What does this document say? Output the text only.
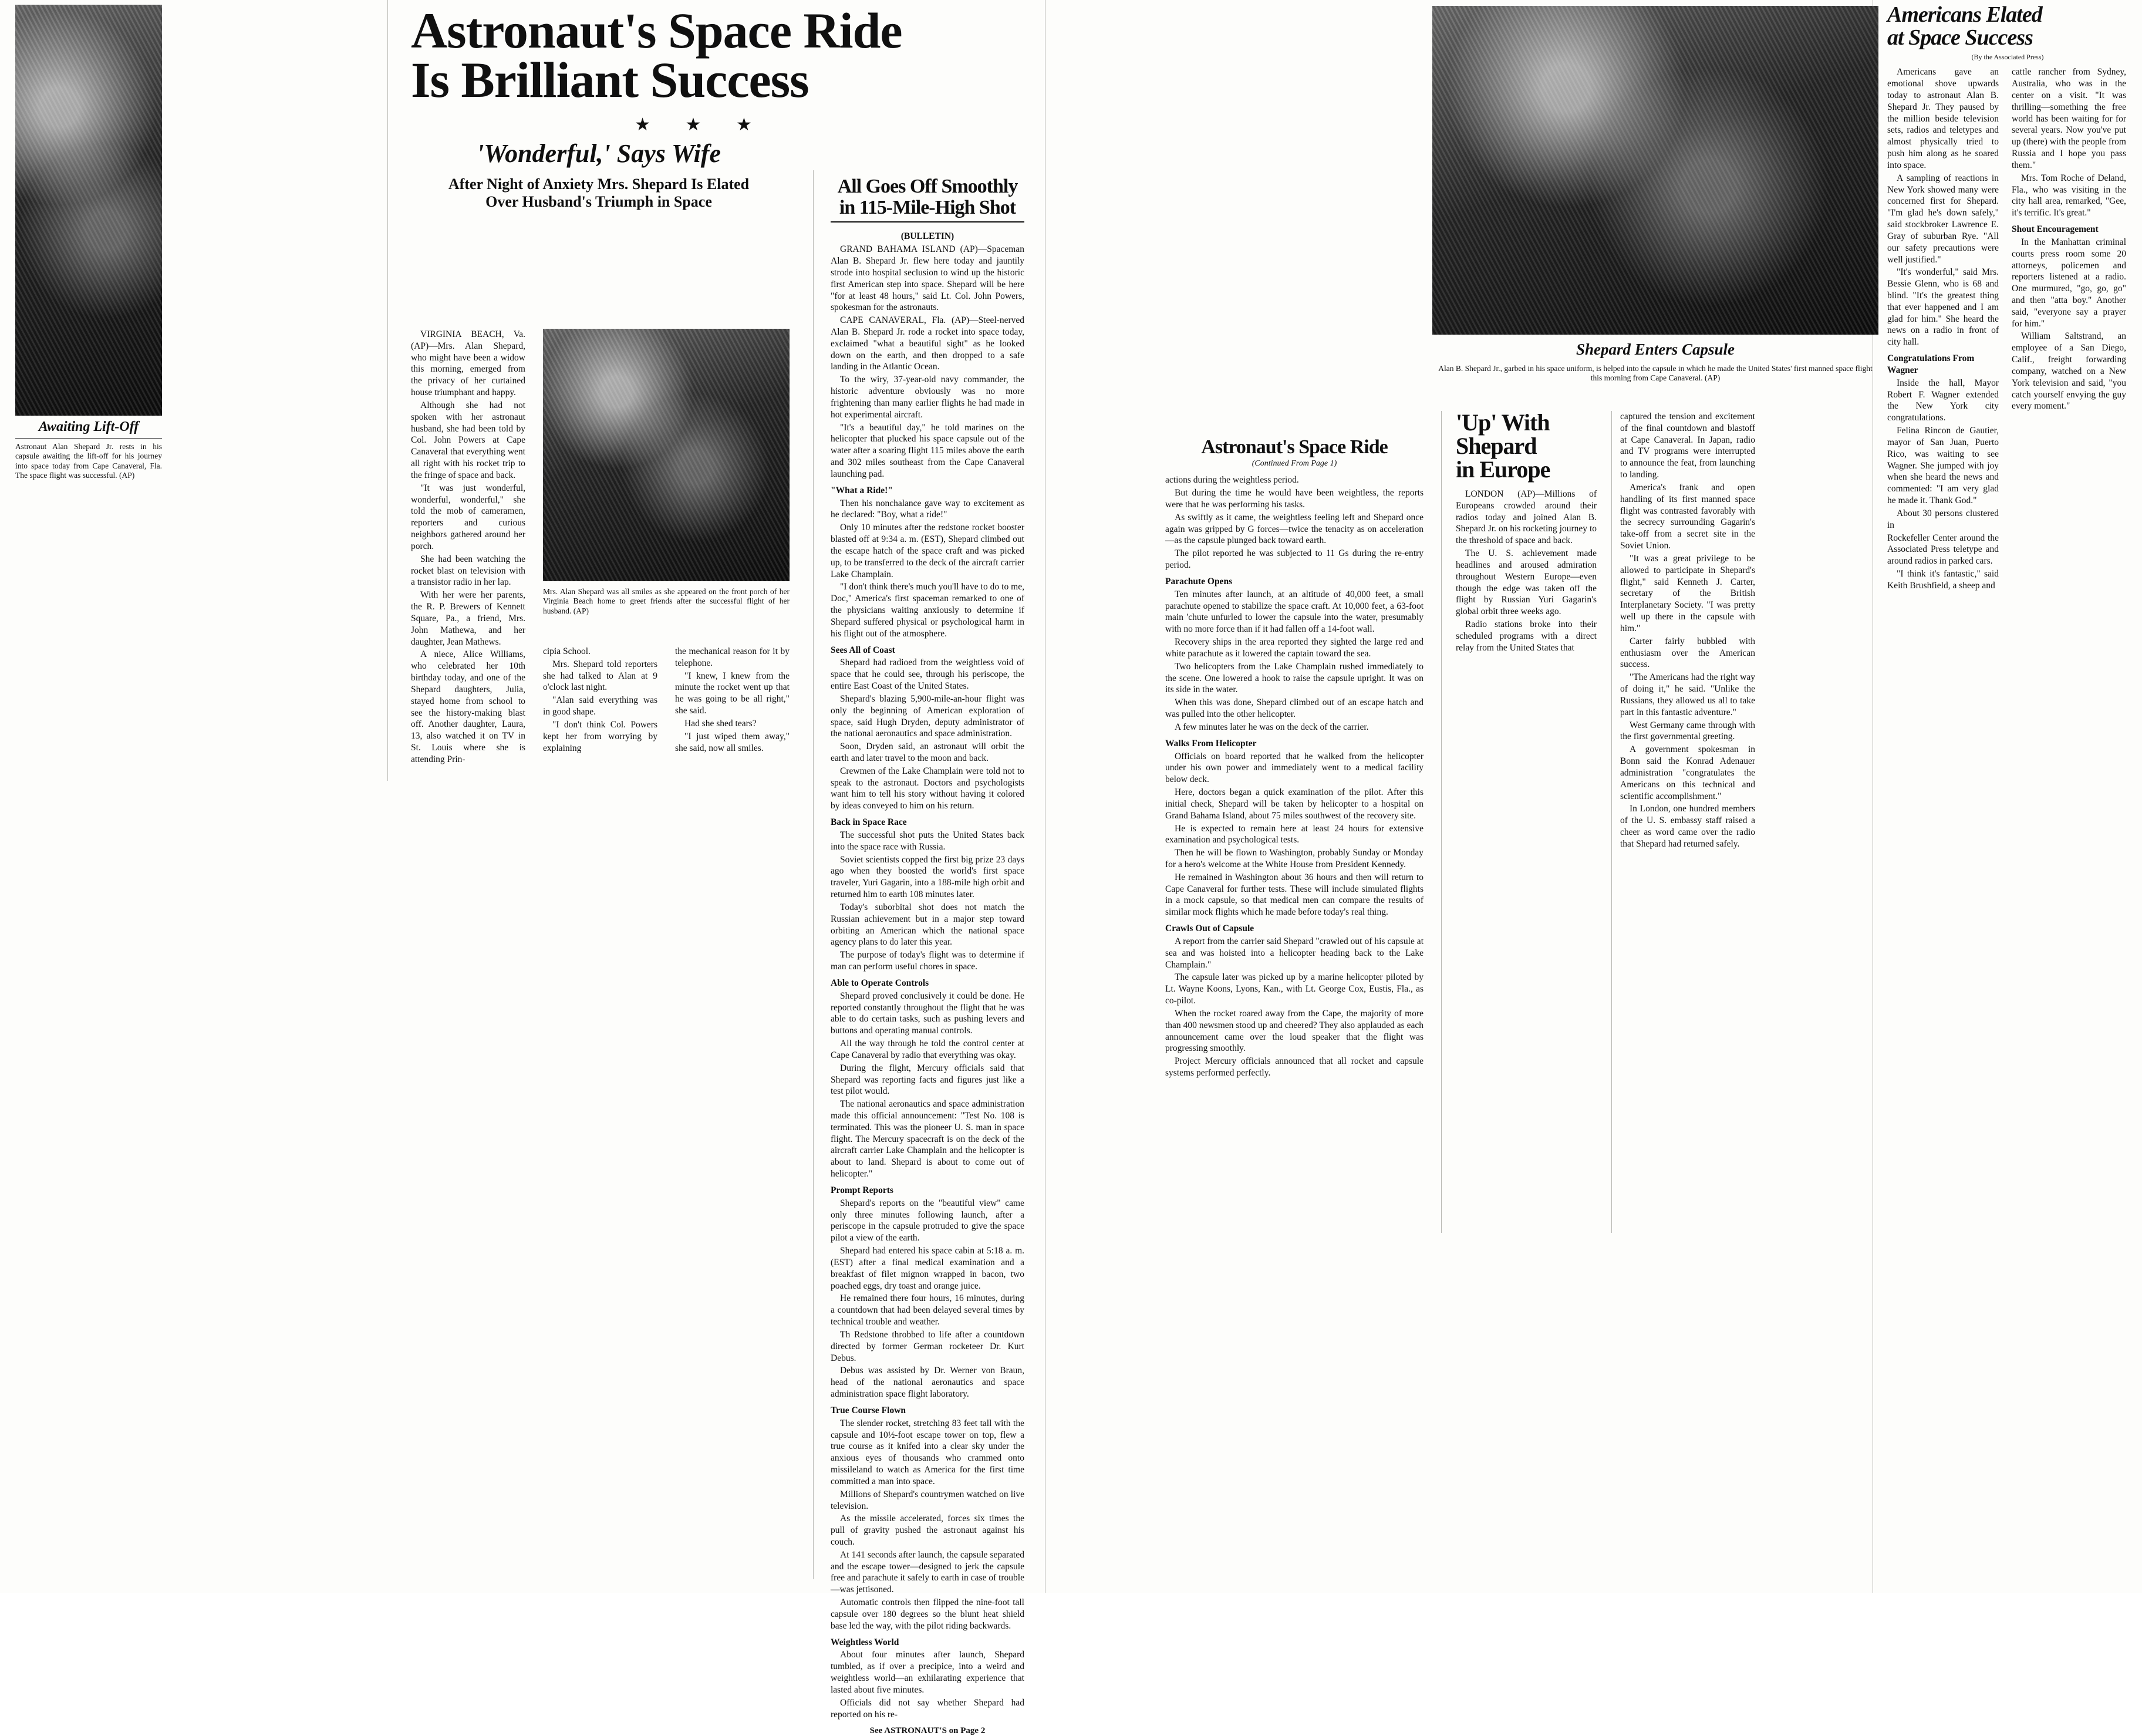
Awaiting Lift-Off
Astronaut Alan Shepard Jr. rests in his capsule awaiting the lift-off for his journey into space today from Cape Canaveral, Fla. The space flight was successful. (AP)
Astronaut's Space Ride
Is Brilliant Success
★ ★ ★
'Wonderful,' Says Wife
After Night of Anxiety Mrs. Shepard Is Elated
Over Husband's Triumph in Space

VIRGINIA BEACH, Va. (AP)—Mrs. Alan Shepard, who might have been a widow this morning, emerged from the privacy of her curtained house triumphant and happy.

Although she had not spoken with her astronaut husband, she had been told by Col. John Powers at Cape Canaveral that everything went all right with his rocket trip to the fringe of space and back.

"It was just wonderful, wonderful, wonderful," she told the mob of cameramen, reporters and curious neighbors gathered around her porch.

She had been watching the rocket blast on television with a transistor radio in her lap.

With her were her parents, the R. P. Brewers of Kennett Square, Pa., a friend, Mrs. John Mathewa, and her daughter, Jean Mathews.

A niece, Alice Williams, who celebrated her 10th birthday today, and one of the Shepard daughters, Julia, stayed home from school to see the history-making blast off. Another daughter, Laura, 13, also watched it on TV in St. Louis where she is attending Prin-

Mrs. Alan Shepard was all smiles as she appeared on the front porch of her Virginia Beach home to greet friends after the successful flight of her husband. (AP)

cipia School.

Mrs. Shepard told reporters she had talked to Alan at 9 o'clock last night.

"Alan said everything was in good shape.

"I don't think Col. Powers kept her from worrying by explaining

the mechanical reason for it by telephone.

"I knew, I knew from the minute the rocket went up that he was going to be all right," she said.

Had she shed tears?

"I just wiped them away," she said, now all smiles.

All Goes Off Smoothly
in 115-Mile-High Shot

(BULLETIN)

GRAND BAHAMA ISLAND (AP)—Spaceman Alan B. Shepard Jr. flew here today and jauntily strode into hospital seclusion to wind up the historic first American step into space. Shepard will be here "for at least 48 hours," said Lt. Col. John Powers, spokesman for the astronauts.

CAPE CANAVERAL, Fla. (AP)—Steel-nerved Alan B. Shepard Jr. rode a rocket into space today, exclaimed "what a beautiful sight" as he looked down on the earth, and then dropped to a safe landing in the Atlantic Ocean.

To the wiry, 37-year-old navy commander, the historic adventure obviously was no more frightening than many earlier flights he had made in hot experimental aircraft.

"It's a beautiful day," he told marines on the helicopter that plucked his space capsule out of the water after a soaring flight 115 miles above the earth and 302 miles southeast from the Cape Canaveral launching pad.

"What a Ride!"

Then his nonchalance gave way to excitement as he declared: "Boy, what a ride!"

Only 10 minutes after the redstone rocket booster blasted off at 9:34 a. m. (EST), Shepard climbed out the escape hatch of the space craft and was picked up, to be transferred to the deck of the aircraft carrier Lake Champlain.

"I don't think there's much you'll have to do to me, Doc," America's first spaceman remarked to one of the physicians waiting anxiously to determine if Shepard suffered physical or psychological harm in his flight out of the atmosphere.

Sees All of Coast

Shepard had radioed from the weightless void of space that he could see, through his periscope, the entire East Coast of the United States.

Shepard's blazing 5,900-mile-an-hour flight was only the beginning of American exploration of space, said Hugh Dryden, deputy administrator of the national aeronautics and space administration.

Soon, Dryden said, an astronaut will orbit the earth and later travel to the moon and back.

Crewmen of the Lake Champlain were told not to speak to the astronaut. Doctors and psychologists want him to tell his story without having it colored by ideas conveyed to him on his return.

Back in Space Race

The successful shot puts the United States back into the space race with Russia.

Soviet scientists copped the first big prize 23 days ago when they boosted the world's first space traveler, Yuri Gagarin, into a 188-mile high orbit and returned him to earth 108 minutes later.

Today's suborbital shot does not match the Russian achievement but in a major step toward orbiting an American which the national space agency plans to do later this year.

The purpose of today's flight was to determine if man can perform useful chores in space.

Able to Operate Controls

Shepard proved conclusively it could be done. He reported constantly throughout the flight that he was able to do certain tasks, such as pushing levers and buttons and operating manual controls.

All the way through he told the control center at Cape Canaveral by radio that everything was okay.

During the flight, Mercury officials said that Shepard was reporting facts and figures just like a test pilot would.

The national aeronautics and space administration made this official announcement: "Test No. 108 is terminated. This was the pioneer U. S. man in space flight. The Mercury spacecraft is on the deck of the aircraft carrier Lake Champlain and the helicopter is about to land. Shepard is about to come out of helicopter."

Prompt Reports

Shepard's reports on the "beautiful view" came only three minutes following launch, after a periscope in the capsule protruded to give the space pilot a view of the earth.

Shepard had entered his space cabin at 5:18 a. m. (EST) after a final medical examination and a breakfast of filet mignon wrapped in bacon, two poached eggs, dry toast and orange juice.

He remained there four hours, 16 minutes, during a countdown that had been delayed several times by technical trouble and weather.

Th Redstone throbbed to life after a countdown directed by former German rocketeer Dr. Kurt Debus.

Debus was assisted by Dr. Werner von Braun, head of the national aeronautics and space administration space flight laboratory.

True Course Flown

The slender rocket, stretching 83 feet tall with the capsule and 10½-foot escape tower on top, flew a true course as it knifed into a clear sky under the anxious eyes of thousands who crammed onto missileland to watch as America for the first time committed a man into space.

Millions of Shepard's countrymen watched on live television.

As the missile accelerated, forces six times the pull of gravity pushed the astronaut against his couch.

At 141 seconds after launch, the capsule separated and the escape tower—designed to jerk the capsule free and parachute it safely to earth in case of trouble—was jettisoned.

Automatic controls then flipped the nine-foot tall capsule over 180 degrees so the blunt heat shield base led the way, with the pilot riding backwards.

Weightless World

About four minutes after launch, Shepard tumbled, as if over a precipice, into a weird and weightless world—an exhilarating experience that lasted about five minutes.

Officials did not say whether Shepard had reported on his re-

See ASTRONAUT'S on Page 2
Astronaut's Space Ride
(Continued From Page 1)

actions during the weightless period.

But during the time he would have been weightless, the reports were that he was performing his tasks.

As swiftly as it came, the weightless feeling left and Shepard once again was gripped by G forces—twice the tenacity as on acceleration—as the capsule plunged back toward earth.

The pilot reported he was subjected to 11 Gs during the re-entry period.

Parachute Opens

Ten minutes after launch, at an altitude of 40,000 feet, a small parachute opened to stabilize the space craft. At 10,000 feet, a 63-foot main 'chute unfurled to lower the capsule into the water, presumably with no more force than if it had fallen off a 14-foot wall.

Recovery ships in the area reported they sighted the large red and white parachute as it lowered the captain toward the sea.

Two helicopters from the Lake Champlain rushed immediately to the scene. One lowered a hook to raise the capsule upright. It was on its side in the water.

When this was done, Shepard climbed out of an escape hatch and was pulled into the other helicopter.

A few minutes later he was on the deck of the carrier.

Walks From Helicopter

Officials on board reported that he walked from the helicopter under his own power and immediately went to a medical facility below deck.

Here, doctors began a quick examination of the pilot. After this initial check, Shepard will be taken by helicopter to a hospital on Grand Bahama Island, about 75 miles southwest of the recovery site.

He is expected to remain here at least 24 hours for extensive examination and psychological tests.

Then he will be flown to Washington, probably Sunday or Monday for a hero's welcome at the White House from President Kennedy.

He remained in Washington about 36 hours and then will return to Cape Canaveral for further tests. These will include simulated flights in a mock capsule, so that medical men can compare the results of similar mock flights which he made before today's real thing.

Crawls Out of Capsule

A report from the carrier said Shepard "crawled out of his capsule at sea and was hoisted into a helicopter heading back to the Lake Champlain."

The capsule later was picked up by a marine helicopter piloted by Lt. Wayne Koons, Lyons, Kan., with Lt. George Cox, Eustis, Fla., as co-pilot.

When the rocket roared away from the Cape, the majority of more than 400 newsmen stood up and cheered? They also applauded as each announcement came over the loud speaker that the flight was progressing smoothly.

Project Mercury officials announced that all rocket and capsule systems performed perfectly.

'Up' With
Shepard
in Europe

LONDON (AP)—Millions of Europeans crowded around their radios today and joined Alan B. Shepard Jr. on his rocketing journey to the threshold of space and back.

The U. S. achievement made headlines and aroused admiration throughout Western Europe—even though the edge was taken off the flight by Russian Yuri Gagarin's global orbit three weeks ago.

Radio stations broke into their scheduled programs with a direct relay from the United States that

captured the tension and excitement of the final countdown and blastoff at Cape Canaveral. In Japan, radio and TV programs were interrupted to announce the feat, from launching to landing.

America's frank and open handling of its first manned space flight was contrasted favorably with the secrecy surrounding Gagarin's take-off from a secret site in the Soviet Union.

"It was a great privilege to be allowed to participate in Shepard's flight," said Kenneth J. Carter, secretary of the British Interplanetary Society. "I was pretty well up there in the capsule with him."

Carter fairly bubbled with enthusiasm over the American success.

"The Americans had the right way of doing it," he said. "Unlike the Russians, they allowed us all to take part in this fantastic adventure."

West Germany came through with the first governmental greeting.

A government spokesman in Bonn said the Konrad Adenauer administration "congratulates the Americans on this technical and scientific accomplishment."

In London, one hundred members of the U. S. embassy staff raised a cheer as word came over the radio that Shepard had returned safely.

Shepard Enters Capsule
Alan B. Shepard Jr., garbed in his space uniform, is helped into the capsule in which he made the United States' first manned space flight this morning from Cape Canaveral. (AP)
Americans Elated
at Space Success
(By the Associated Press)

Americans gave an emotional shove upwards today to astronaut Alan B. Shepard Jr. They paused by the million beside television sets, radios and teletypes and almost physically tried to push him along as he soared into space.

A sampling of reactions in New York showed many were concerned first for Shepard. "I'm glad he's down safely," said stockbroker Lawrence E. Gray of suburban Rye. "All our safety precautions were well justified."

"It's wonderful," said Mrs. Bessie Glenn, who is 68 and blind. "It's the greatest thing that ever happened and I am glad for him." She heard the news on a radio in front of city hall.

Congratulations From Wagner

Inside the hall, Mayor Robert F. Wagner extended the New York city congratulations.

Felina Rincon de Gautier, mayor of San Juan, Puerto Rico, was waiting to see Wagner. She jumped with joy when she heard the news and commented: "I am very glad he made it. Thank God."

About 30 persons clustered in

Rockefeller Center around the Associated Press teletype and around radios in parked cars.

"I think it's fantastic," said Keith Brushfield, a sheep and

cattle rancher from Sydney, Australia, who was in the center on a visit. "It was thrilling—something the free world has been waiting for for several years. Now you've put up (there) with the people from Russia and I hope you pass them."

Mrs. Tom Roche of Deland, Fla., who was visiting in the city hall area, remarked, "Gee, it's terrific. It's great."

Shout Encouragement

In the Manhattan criminal courts press room some 20 attorneys, policemen and reporters listened at a radio. One murmured, "go, go, go" and then "atta boy." Another said, "everyone say a prayer for him."

William Saltstrand, an employee of a San Diego, Calif., freight forwarding company, watched on a New York television and said, "you catch yourself envying the guy every moment."
